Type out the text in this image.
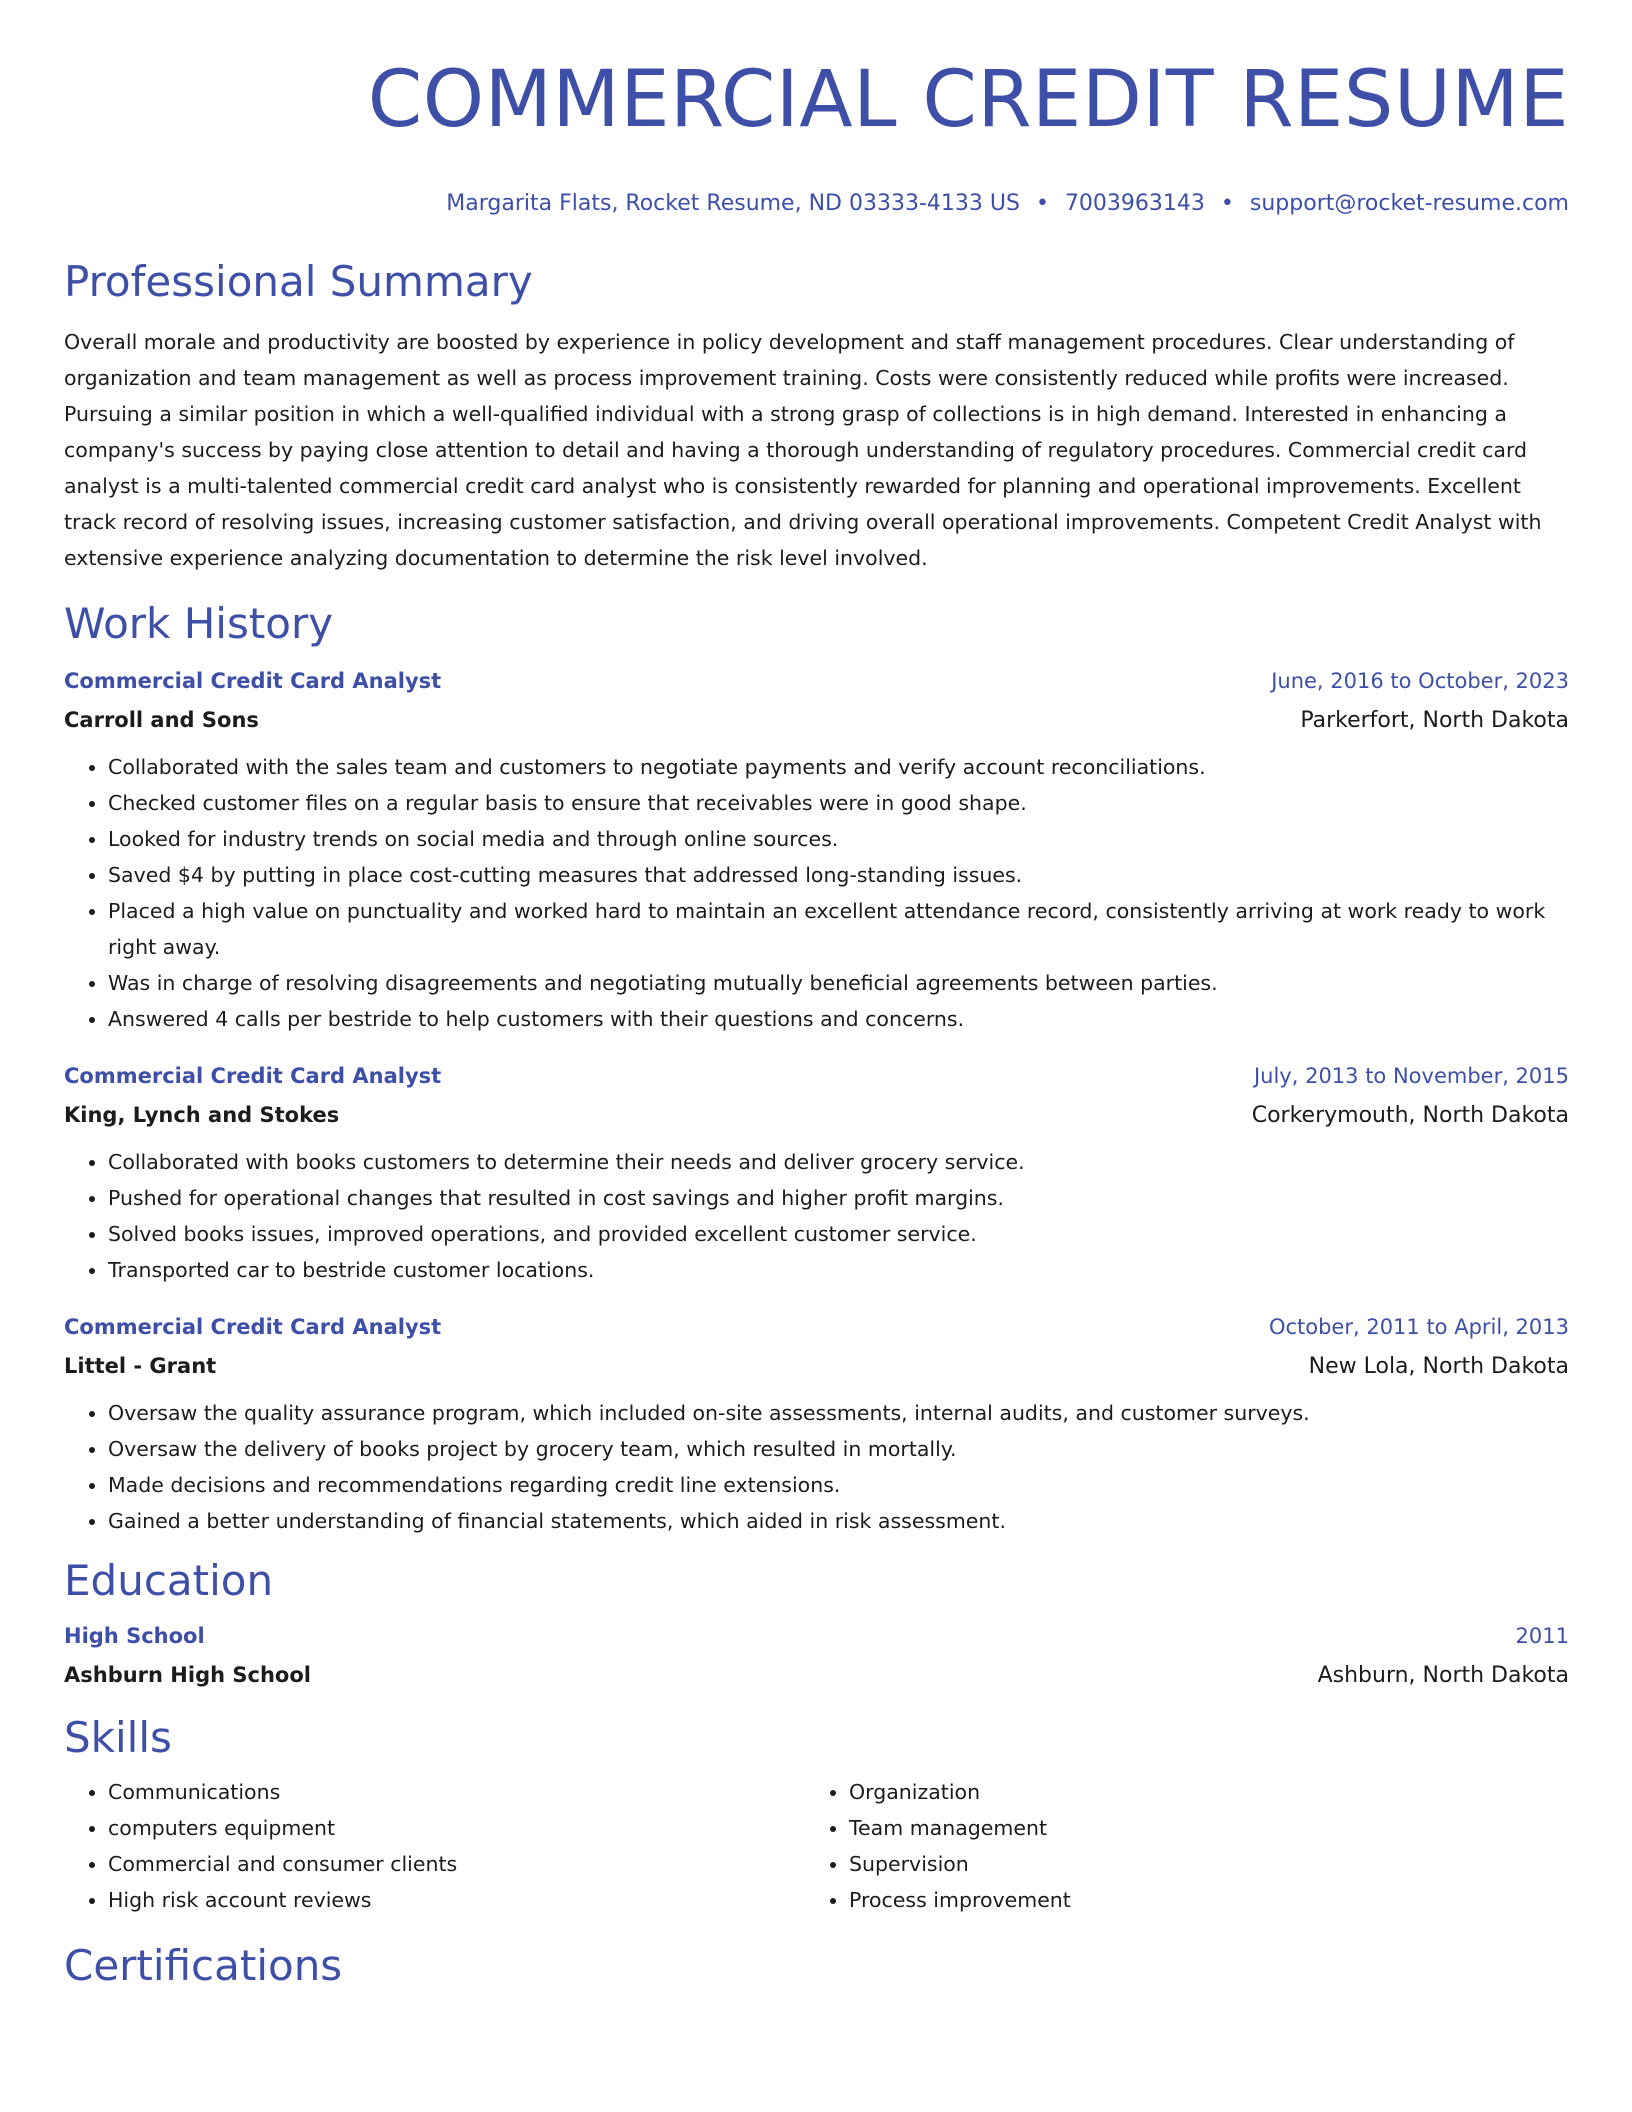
COMMERCIAL CREDIT RESUME
Margarita Flats, Rocket Resume, ND 03333-4133 US • 7003963143 • support@rocket-resume.com
Professional Summary
Overall morale and productivity are boosted by experience in policy development and staff management procedures. Clear understanding of organization and team management as well as process improvement training. Costs were consistently reduced while profits were increased. Pursuing a similar position in which a well-qualified individual with a strong grasp of collections is in high demand. Interested in enhancing a company's success by paying close attention to detail and having a thorough understanding of regulatory procedures. Commercial credit card analyst is a multi-talented commercial credit card analyst who is consistently rewarded for planning and operational improvements. Excellent track record of resolving issues, increasing customer satisfaction, and driving overall operational improvements. Competent Credit Analyst with extensive experience analyzing documentation to determine the risk level involved.
Work History
Commercial Credit Card Analyst	June, 2016 to October, 2023
Carroll and Sons	Parkerfort, North Dakota
• Collaborated with the sales team and customers to negotiate payments and verify account reconciliations.
• Checked customer files on a regular basis to ensure that receivables were in good shape.
• Looked for industry trends on social media and through online sources.
• Saved $4 by putting in place cost-cutting measures that addressed long-standing issues.
• Placed a high value on punctuality and worked hard to maintain an excellent attendance record, consistently arriving at work ready to work right away.
• Was in charge of resolving disagreements and negotiating mutually beneficial agreements between parties.
• Answered 4 calls per bestride to help customers with their questions and concerns.
Commercial Credit Card Analyst	July, 2013 to November, 2015
King, Lynch and Stokes	Corkerymouth, North Dakota
• Collaborated with books customers to determine their needs and deliver grocery service.
• Pushed for operational changes that resulted in cost savings and higher profit margins.
• Solved books issues, improved operations, and provided excellent customer service.
• Transported car to bestride customer locations.
Commercial Credit Card Analyst	October, 2011 to April, 2013
Littel - Grant	New Lola, North Dakota
• Oversaw the quality assurance program, which included on-site assessments, internal audits, and customer surveys.
• Oversaw the delivery of books project by grocery team, which resulted in mortally.
• Made decisions and recommendations regarding credit line extensions.
• Gained a better understanding of financial statements, which aided in risk assessment.
Education
High School	2011
Ashburn High School	Ashburn, North Dakota
Skills
• Communications
• computers equipment
• Commercial and consumer clients
• High risk account reviews
• Organization
• Team management
• Supervision
• Process improvement
Certifications
